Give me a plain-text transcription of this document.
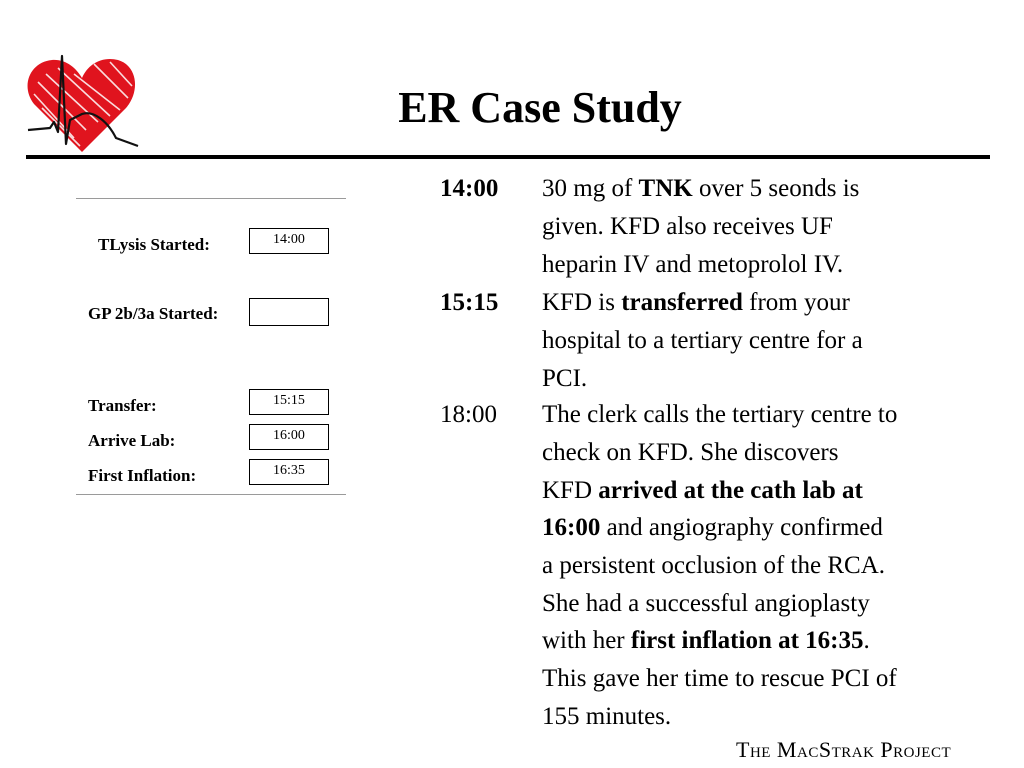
ER Case Study
TLysis Started:	14:00
GP 2b/3a Started:
Transfer:	15:15
Arrive Lab:	16:00
First Inflation:	16:35
14:00 30 mg of TNK over 5 seonds is
given. KFD also receives UF
heparin IV and metoprolol IV.
15:15 KFD is transferred from your
hospital to a tertiary centre for a
PCI.
18:00 The clerk calls the tertiary centre to
check on KFD. She discovers
KFD arrived at the cath lab at
16:00 and angiography confirmed
a persistent occlusion of the RCA.
She had a successful angioplasty
with her first inflation at 16:35.
This gave her time to rescue PCI of
155 minutes.
The MacStrak Project
